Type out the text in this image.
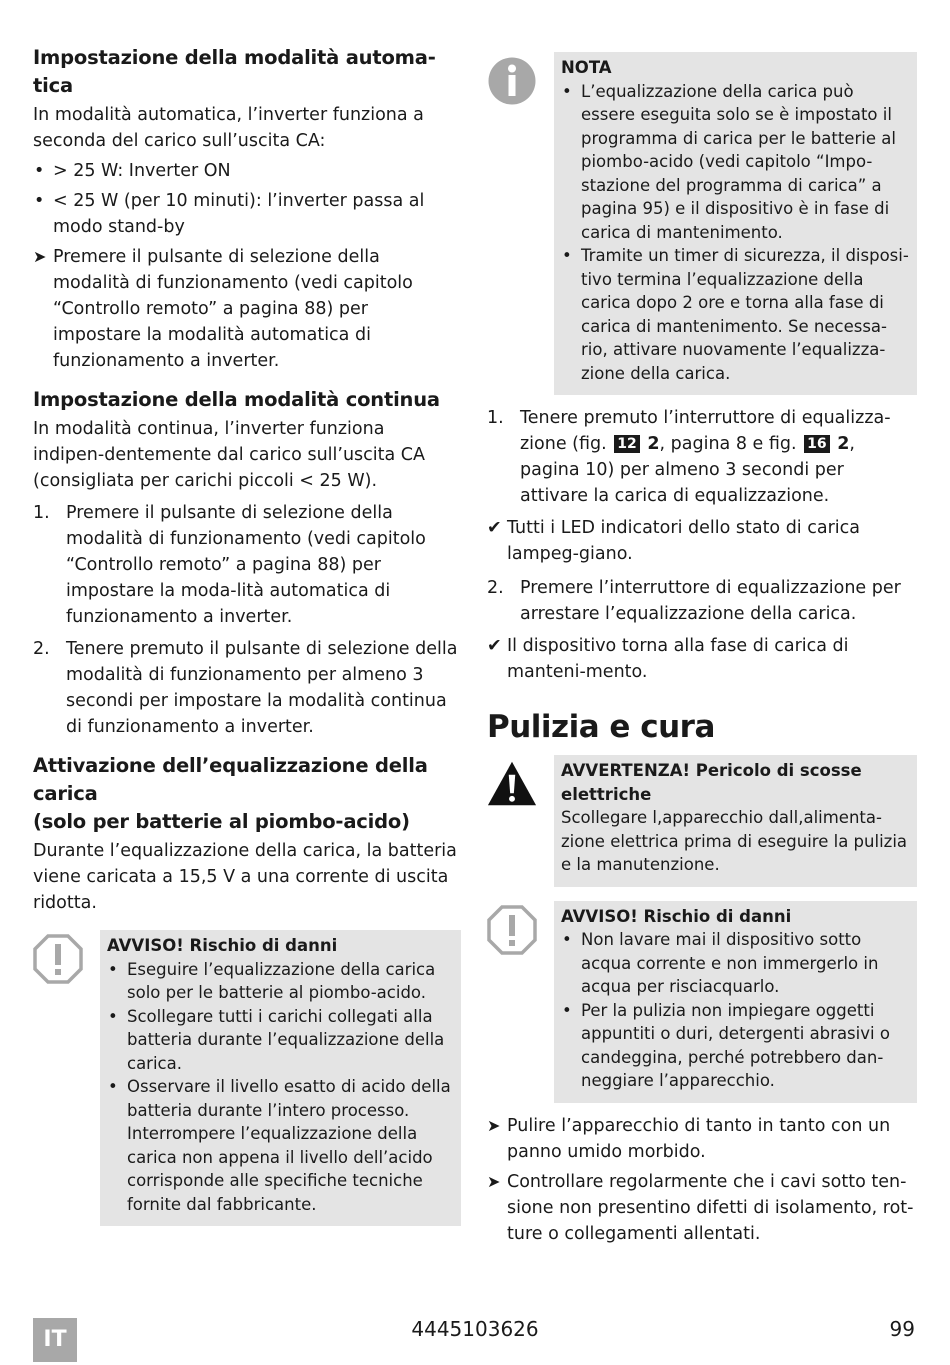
Impostazione della modalità automa-tica

In modalità automatica, l’inverter funziona a seconda del carico sull’uscita CA:

• > 25 W: Inverter ON
• < 25 W (per 10 minuti): l’inverter passa al modo stand-by
➤ Premere il pulsante di selezione della modalità di funzionamento (vedi capitolo “Controllo remoto” a pagina 88) per impostare la modalità automatica di funzionamento a inverter.
Impostazione della modalità continua

In modalità continua, l’inverter funziona indipen-dentemente dal carico sull’uscita CA (consigliata per carichi piccoli < 25 W).

1. Premere il pulsante di selezione della modalità di funzionamento (vedi capitolo “Controllo remoto” a pagina 88) per impostare la moda-lità automatica di funzionamento a inverter.
2. Tenere premuto il pulsante di selezione della modalità di funzionamento per almeno 3 secondi per impostare la modalità continua di funzionamento a inverter.
Attivazione dell’equalizzazione della carica
(solo per batterie al piombo-acido)

Durante l’equalizzazione della carica, la batteria viene caricata a 15,5 V a una corrente di uscita ridotta.

AVVISO! Rischio di danni
• Eseguire l’equalizzazione della carica solo per le batterie al piombo-acido.
• Scollegare tutti i carichi collegati alla batteria durante l’equalizzazione della carica.
• Osservare il livello esatto di acido della batteria durante l’intero processo. Interrompere l’equalizzazione della carica non appena il livello dell’acido corrisponde alle specifiche tecniche fornite dal fabbricante.
NOTA
• L’equalizzazione della carica può essere eseguita solo se è impostato il programma di carica per le batterie al piombo-acido (vedi capitolo “Impo-stazione del programma di carica” a pagina 95) e il dispositivo è in fase di carica di mantenimento.
• Tramite un timer di sicurezza, il disposi-tivo termina l’equalizzazione della carica dopo 2 ore e torna alla fase di carica di mantenimento. Se necessa-rio, attivare nuovamente l’equalizza-zione della carica.
1. Tenere premuto l’interruttore di equalizza-zione (fig. 12 2, pagina 8 e fig. 16 2, pagina 10) per almeno 3 secondi per attivare la carica di equalizzazione.
✔ Tutti i LED indicatori dello stato di carica lampeg-giano.
2. Premere l’interruttore di equalizzazione per arrestare l’equalizzazione della carica.
✔ Il dispositivo torna alla fase di carica di manteni-mento.
Pulizia e cura
AVVERTENZA! Pericolo di scosse elettriche
Scollegare l,apparecchio dall,alimenta-zione elettrica prima di eseguire la pulizia e la manutenzione.
AVVISO! Rischio di danni
• Non lavare mai il dispositivo sotto acqua corrente e non immergerlo in acqua per risciacquarlo.
• Per la pulizia non impiegare oggetti appuntiti o duri, detergenti abrasivi o candeggina, perché potrebbero dan-neggiare l’apparecchio.
➤ Pulire l’apparecchio di tanto in tanto con un panno umido morbido.
➤ Controllare regolarmente che i cavi sotto ten-sione non presentino difetti di isolamento, rot-ture o collegamenti allentati.
IT	4445103626	99
